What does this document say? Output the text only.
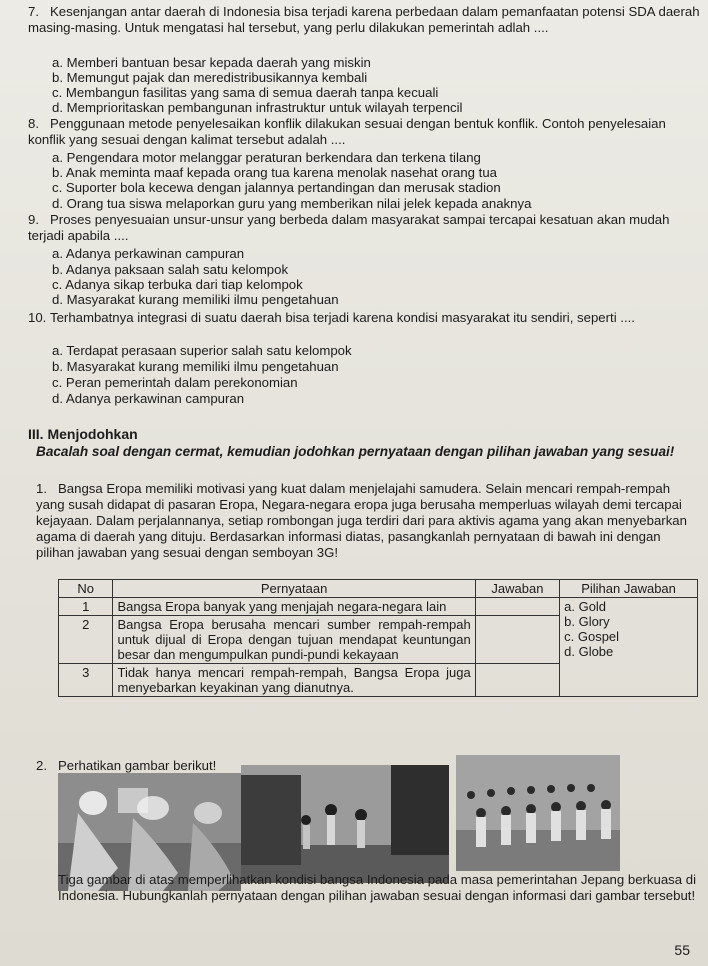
7. Kesenjangan antar daerah di Indonesia bisa terjadi karena perbedaan dalam pemanfaatan potensi SDA daerah masing-masing. Untuk mengatasi hal tersebut, yang perlu dilakukan pemerintah adlah ....
a. Memberi bantuan besar kepada daerah yang miskin
b. Memungut pajak dan meredistribusikannya kembali
c. Membangun fasilitas yang sama di semua daerah tanpa kecuali
d. Memprioritaskan pembangunan infrastruktur untuk wilayah terpencil
8. Penggunaan metode penyelesaikan konflik dilakukan sesuai dengan bentuk konflik. Contoh penyelesaian konflik yang sesuai dengan kalimat tersebut adalah ....
a. Pengendara motor melanggar peraturan berkendara dan terkena tilang
b. Anak meminta maaf kepada orang tua karena menolak nasehat orang tua
c. Suporter bola kecewa dengan jalannya pertandingan dan merusak stadion
d. Orang tua siswa melaporkan guru yang memberikan nilai jelek kepada anaknya
9. Proses penyesuaian unsur-unsur yang berbeda dalam masyarakat sampai tercapai kesatuan akan mudah terjadi apabila ....
a. Adanya perkawinan campuran
b. Adanya paksaan salah satu kelompok
c. Adanya sikap terbuka dari tiap kelompok
d. Masyarakat kurang memiliki ilmu pengetahuan
10. Terhambatnya integrasi di suatu daerah bisa terjadi karena kondisi masyarakat itu sendiri, seperti ....
a. Terdapat perasaan superior salah satu kelompok
b. Masyarakat kurang memiliki ilmu pengetahuan
c. Peran pemerintah dalam perekonomian
d. Adanya perkawinan campuran
III. Menjodohkan
Bacalah soal dengan cermat, kemudian jodohkan pernyataan dengan pilihan jawaban yang sesuai!
1. Bangsa Eropa memiliki motivasi yang kuat dalam menjelajahi samudera. Selain mencari rempah-rempah yang susah didapat di pasaran Eropa, Negara-negara eropa juga berusaha memperluas wilayah demi tercapai kejayaan. Dalam perjalannanya, setiap rombongan juga terdiri dari para aktivis agama yang akan menyebarkan agama di daerah yang dituju. Berdasarkan informasi diatas, pasangkanlah pernyataan di bawah ini dengan pilihan jawaban yang sesuai dengan semboyan 3G!
No	Pernyataan	Jawaban	Pilihan Jawaban
1	Bangsa Eropa banyak yang menjajah negara-negara lain		a. Gold
b. Glory
c. Gospel
d. Globe

2	Bangsa Eropa berusaha mencari sumber rempah-rempah untuk dijual di Eropa dengan tujuan mendapat keuntungan besar dan mengumpulkan pundi-pundi kekayaan		
3	Tidak hanya mencari rempah-rempah, Bangsa Eropa juga menyebarkan keyakinan yang dianutnya.		
2. Perhatikan gambar berikut!
Tiga gambar di atas memperlihatkan kondisi bangsa Indonesia pada masa pemerintahan Jepang berkuasa di Indonesia. Hubungkanlah pernyataan dengan pilihan jawaban sesuai dengan informasi dari gambar tersebut!
55
